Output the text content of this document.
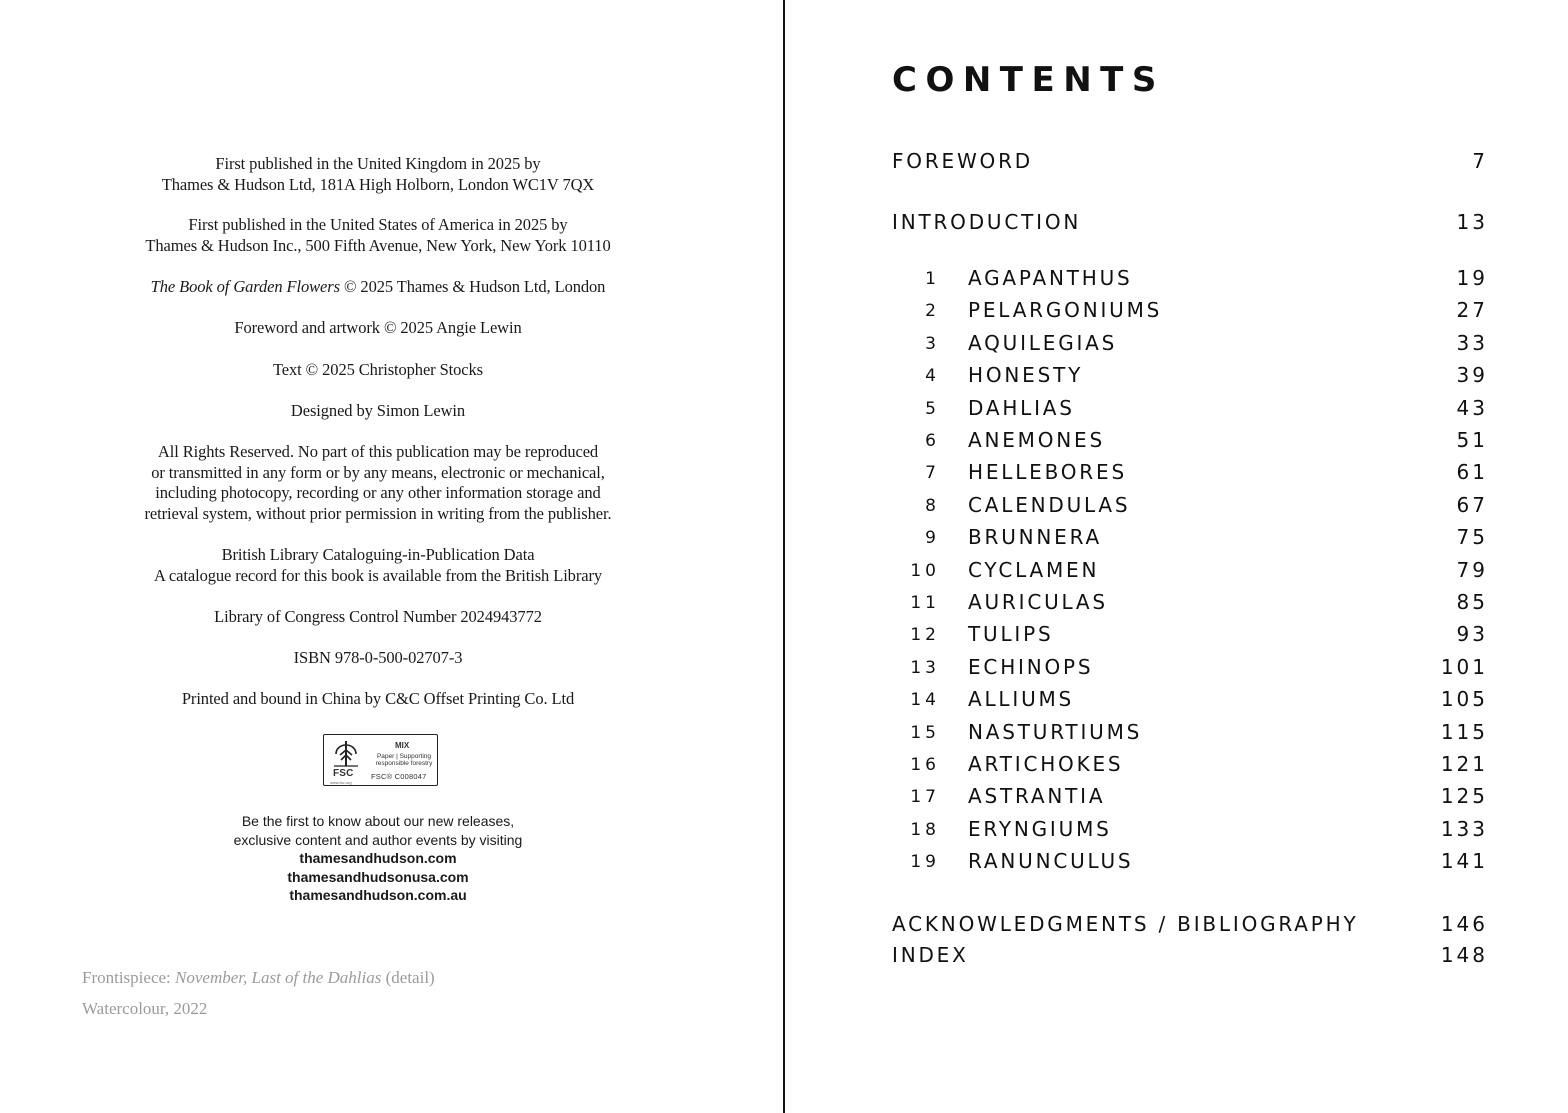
First published in the United Kingdom in 2025 by
Thames & Hudson Ltd, 181A High Holborn, London WC1V 7QX
First published in the United States of America in 2025 by
Thames & Hudson Inc., 500 Fifth Avenue, New York, New York 10110
The Book of Garden Flowers © 2025 Thames & Hudson Ltd, London
Foreword and artwork © 2025 Angie Lewin
Text © 2025 Christopher Stocks
Designed by Simon Lewin
All Rights Reserved. No part of this publication may be reproduced
or transmitted in any form or by any means, electronic or mechanical,
including photocopy, recording or any other information storage and
retrieval system, without prior permission in writing from the publisher.
British Library Cataloguing-in-Publication Data
A catalogue record for this book is available from the British Library
Library of Congress Control Number 2024943772
ISBN 978-0-500-02707-3
Printed and bound in China by C&C Offset Printing Co. Ltd
FSC
www.fsc.org
MIX
Paper | Supporting
responsible forestry
FSC® C008047
Be the first to know about our new releases,
exclusive content and author events by visiting
thamesandhudson.com
thamesandhudsonusa.com
thamesandhudson.com.au
Frontispiece: November, Last of the Dahlias (detail)
Watercolour, 2022
CONTENTS
FOREWORD	7
INTRODUCTION	13
1 AGAPANTHUS	19
2 PELARGONIUMS	27
3 AQUILEGIAS	33
4 HONESTY	39
5 DAHLIAS	43
6 ANEMONES	51
7 HELLEBORES	61
8 CALENDULAS	67
9 BRUNNERA	75
10 CYCLAMEN	79
11 AURICULAS	85
12 TULIPS	93
13 ECHINOPS	101
14 ALLIUMS	105
15 NASTURTIUMS	115
16 ARTICHOKES	121
17 ASTRANTIA	125
18 ERYNGIUMS	133
19 RANUNCULUS	141
ACKNOWLEDGMENTS / BIBLIOGRAPHY	146
INDEX	148
